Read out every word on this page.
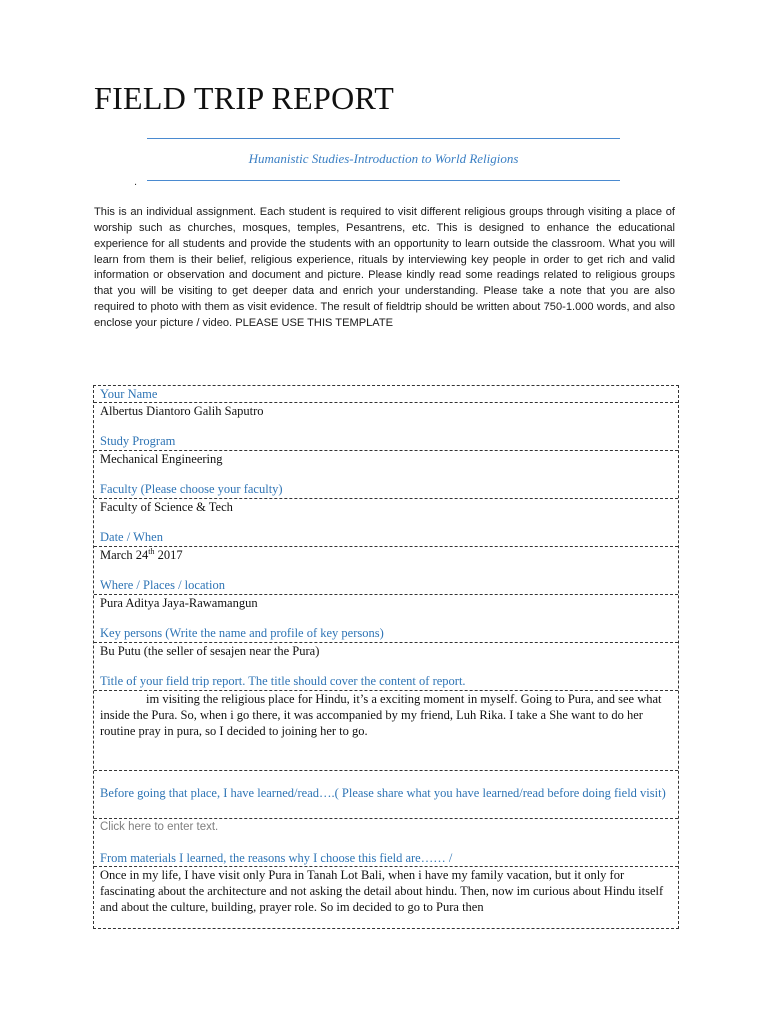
FIELD TRIP REPORT
Humanistic Studies-Introduction to World Religions
.
This is an individual assignment. Each student is required to visit different religious groups through visiting a place of worship such as churches, mosques, temples, Pesantrens, etc. This is designed to enhance the educational experience for all students and provide the students with an opportunity to learn outside the classroom. What you will learn from them is their belief, religious experience, rituals by interviewing key people in order to get rich and valid information or observation and document and picture. Please kindly read some readings related to religious groups that you will be visiting to get deeper data and enrich your understanding. Please take a note that you are also required to photo with them as visit evidence. The result of fieldtrip should be written about 750-1.000 words, and also enclose your picture / video. PLEASE USE THIS TEMPLATE
Your Name
Albertus Diantoro Galih Saputro
Study Program
Mechanical Engineering
Faculty (Please choose your faculty)
Faculty of Science & Tech
Date / When
March 24th 2017
Where / Places / location
Pura Aditya Jaya-Rawamangun
Key persons (Write the name and profile of key persons)
Bu Putu (the seller of sesajen near the Pura)
Title of your field trip report. The title should cover the content of report.
im visiting the religious place for Hindu, it’s a exciting moment in myself. Going to Pura, and see what inside the Pura. So, when i go there, it was accompanied by my friend, Luh Rika. I take a She want to do her routine pray in pura, so I decided to joining her to go.
Before going that place, I have learned/read….( Please share what you have learned/read before doing field visit)
Click here to enter text.
From materials I learned, the reasons why I choose this field are…… /
Once in my life, I have visit only Pura in Tanah Lot Bali, when i have my family vacation, but it only for fascinating about the architecture and not asking the detail about hindu. Then, now im curious about Hindu itself and about the culture, building, prayer role. So im decided to go to Pura then
